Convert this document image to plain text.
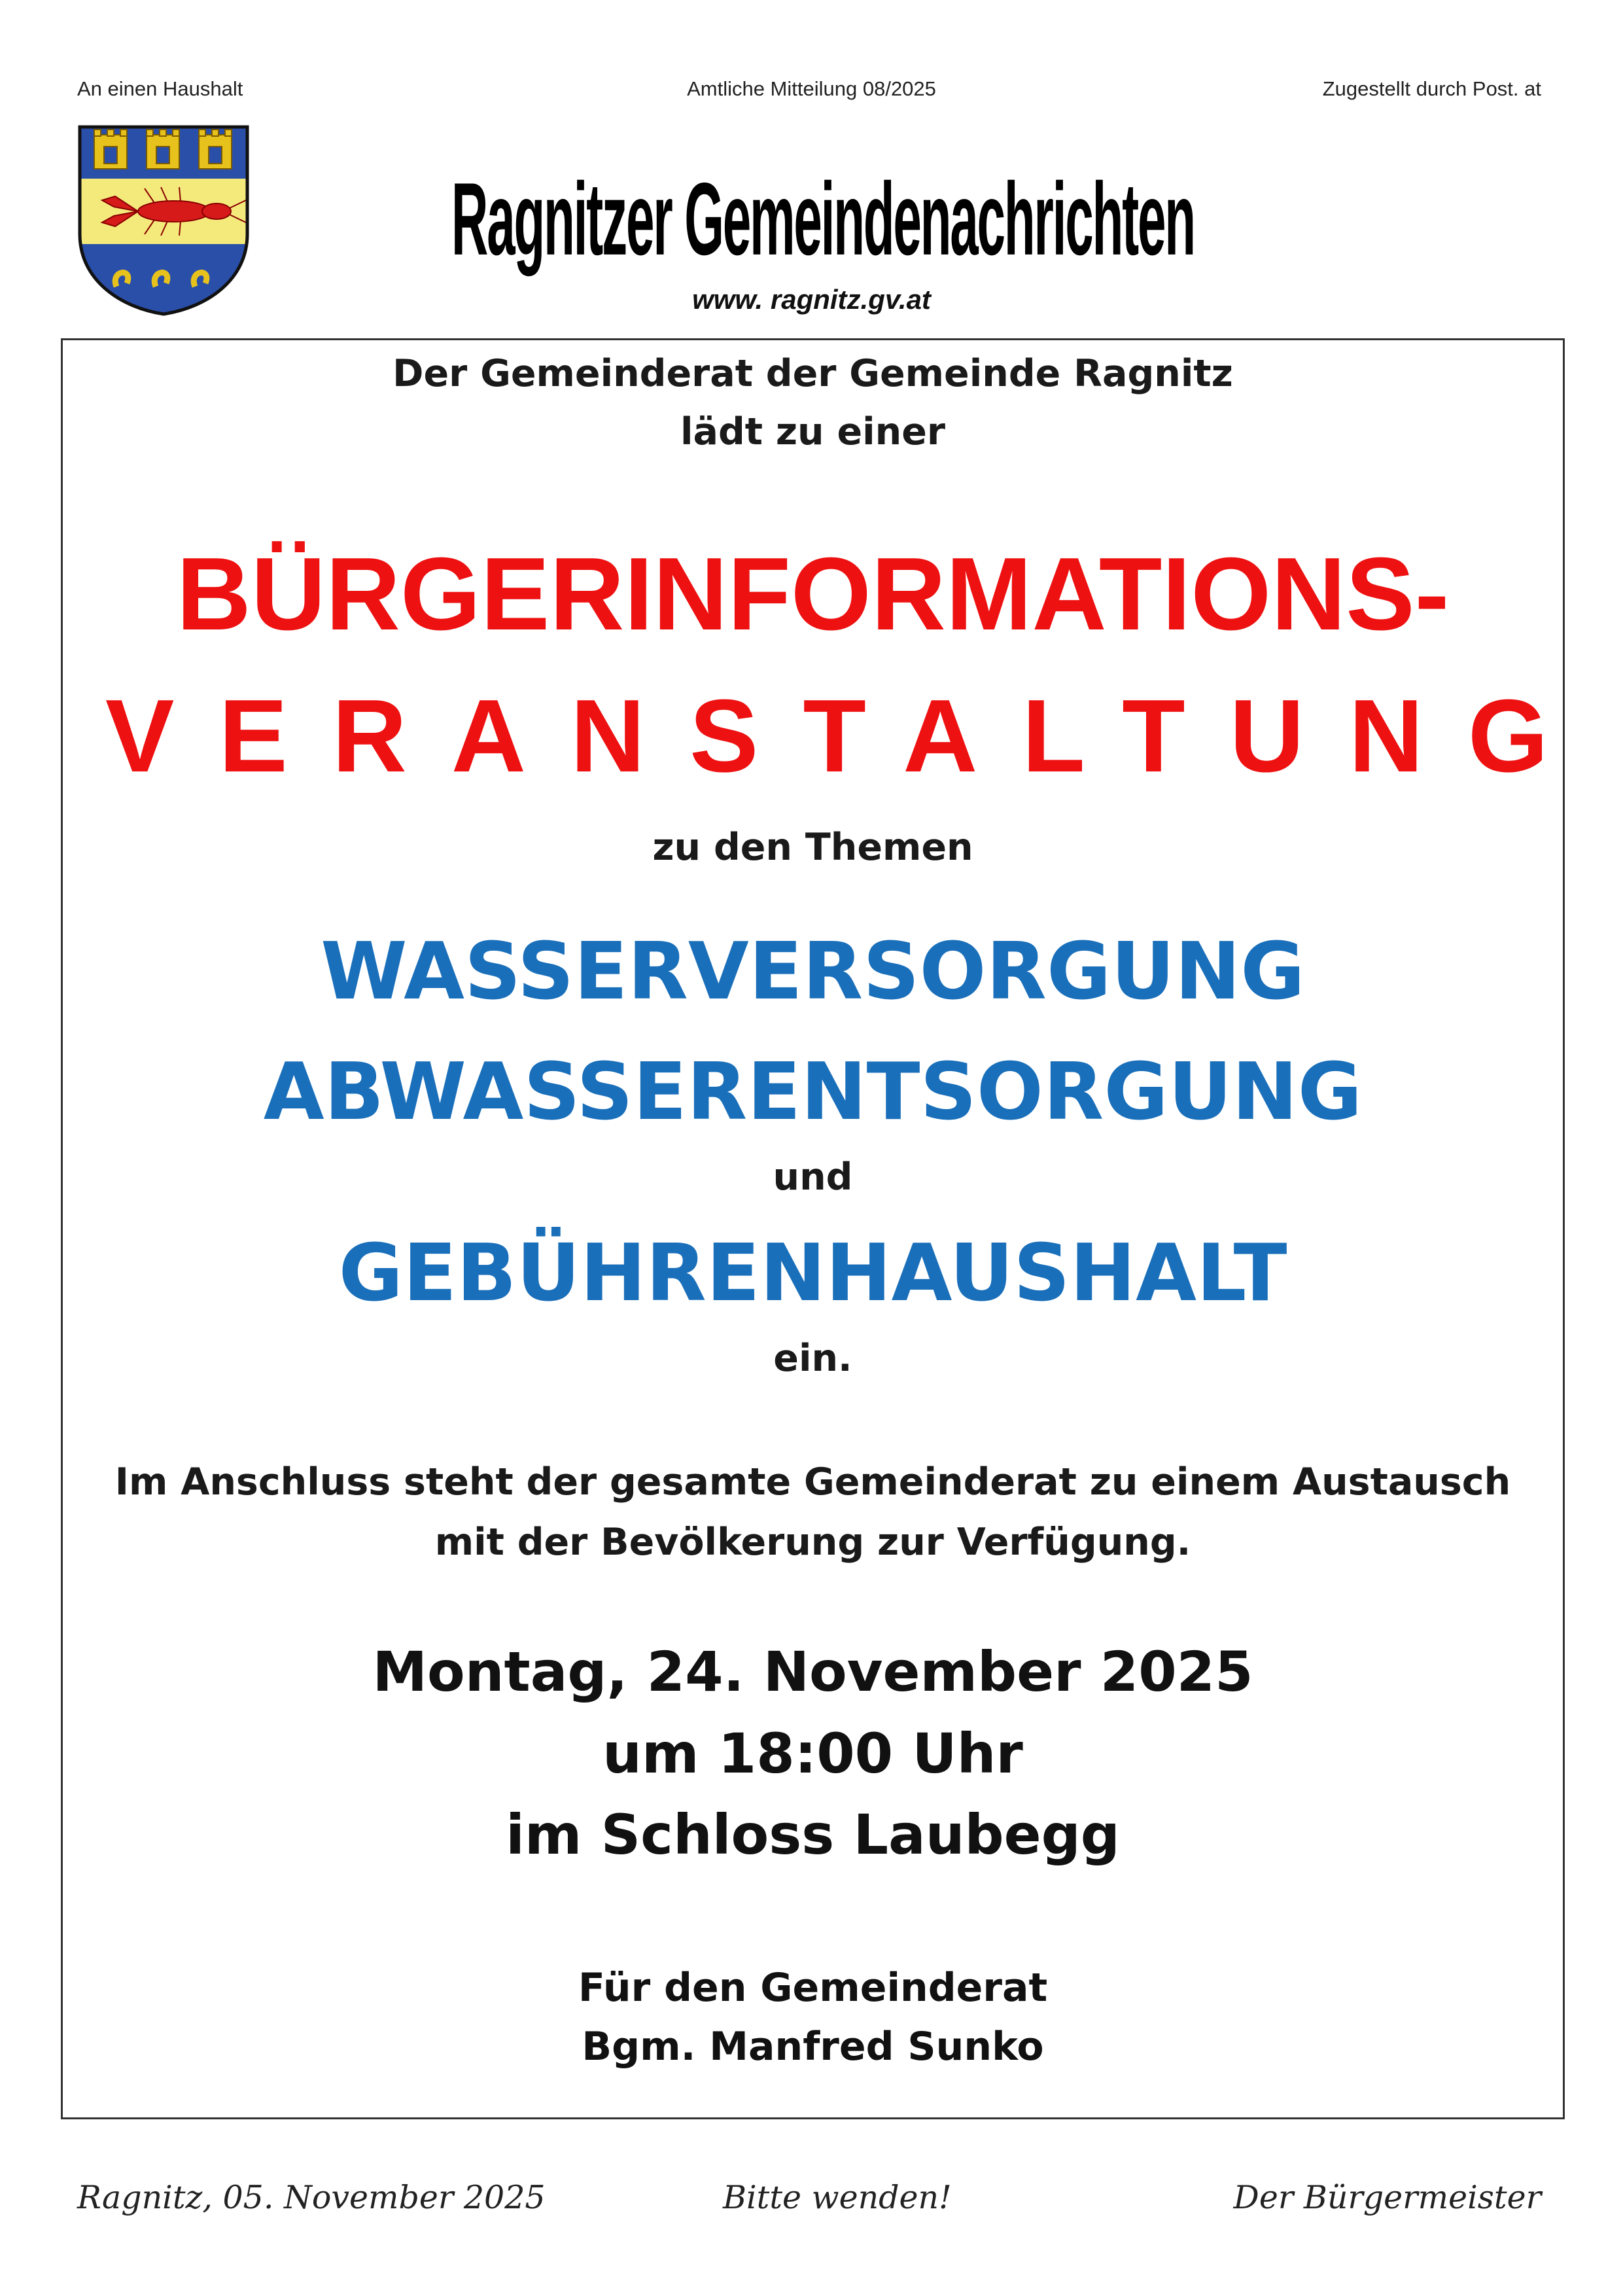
An einen Haushalt	Amtliche Mitteilung 08/2025	Zugestellt durch Post. at
Ragnitzer Gemeindenachrichten
www. ragnitz.gv.at
Der Gemeinderat der Gemeinde Ragnitz
lädt zu einer
BÜRGERINFORMATIONS-
VERANSTALTUNG
zu den Themen
WASSERVERSORGUNG
ABWASSERENTSORGUNG
und
GEBÜHRENHAUSHALT
ein.
Im Anschluss steht der gesamte Gemeinderat zu einem Austausch
mit der Bevölkerung zur Verfügung.
Montag, 24. November 2025
um 18:00 Uhr
im Schloss Laubegg
Für den Gemeinderat
Bgm. Manfred Sunko
Ragnitz, 05. November 2025	Bitte wenden!	Der Bürgermeister
